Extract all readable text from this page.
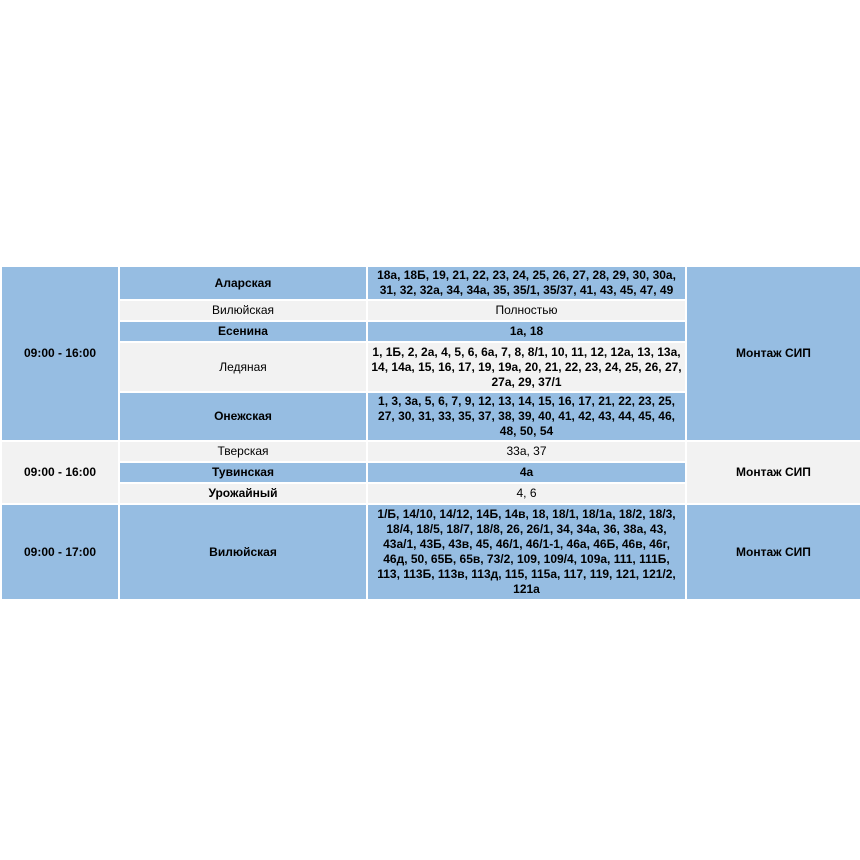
09:00 - 16:00	Аларская	18а, 18Б, 19, 21, 22, 23, 24, 25, 26, 27, 28, 29, 30, 30а, 31, 32, 32а, 34, 34а, 35, 35/1, 35/37, 41, 43, 45, 47, 49	Монтаж СИП
	Вилюйская	Полностью	
	Есенина	1а, 18	
	Ледяная	1, 1Б, 2, 2а, 4, 5, 6, 6а, 7, 8, 8/1, 10, 11, 12, 12а, 13, 13а, 14, 14а, 15, 16, 17, 19, 19а, 20, 21, 22, 23, 24, 25, 26, 27, 27а, 29, 37/1	
	Онежская	1, 3, 3а, 5, 6, 7, 9, 12, 13, 14, 15, 16, 17, 21, 22, 23, 25, 27, 30, 31, 33, 35, 37, 38, 39, 40, 41, 42, 43, 44, 45, 46, 48, 50, 54	
09:00 - 16:00	Тверская	33а, 37	Монтаж СИП
	Тувинская	4а	
	Урожайный	4, 6	
09:00 - 17:00	Вилюйская	1/Б, 14/10, 14/12, 14Б, 14в, 18, 18/1, 18/1а, 18/2, 18/3, 18/4, 18/5, 18/7, 18/8, 26, 26/1, 34, 34а, 36, 38а, 43, 43а/1, 43Б, 43в, 45, 46/1, 46/1-1, 46а, 46Б, 46в, 46г, 46д, 50, 65Б, 65в, 73/2, 109, 109/4, 109а, 111, 111Б, 113, 113Б, 113в, 113д, 115, 115а, 117, 119, 121, 121/2, 121а	Монтаж СИП
